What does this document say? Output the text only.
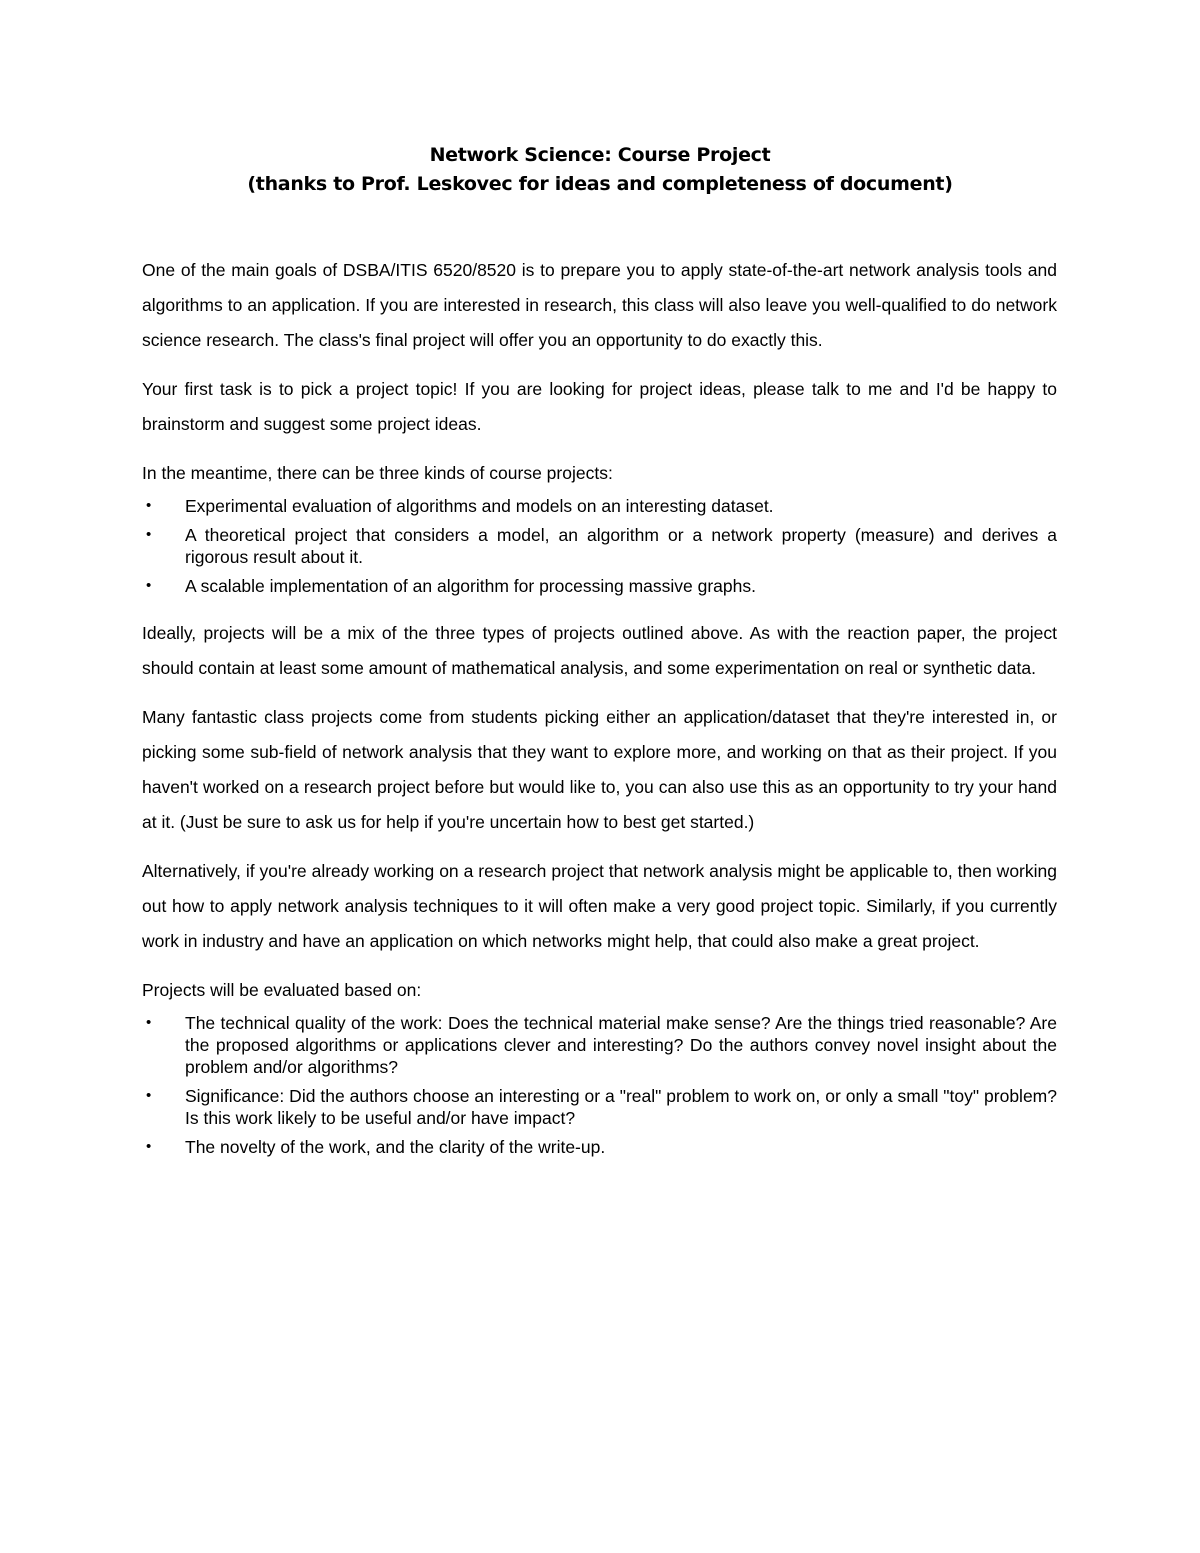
Network Science: Course Project
(thanks to Prof. Leskovec for ideas and completeness of document)

One of the main goals of DSBA/ITIS 6520/8520 is to prepare you to apply state-of-the-art network analysis tools and algorithms to an application. If you are interested in research, this class will also leave you well-qualified to do network science research. The class's final project will offer you an opportunity to do exactly this.

Your first task is to pick a project topic! If you are looking for project ideas, please talk to me and I'd be happy to brainstorm and suggest some project ideas.

In the meantime, there can be three kinds of course projects:

• Experimental evaluation of algorithms and models on an interesting dataset.
• A theoretical project that considers a model, an algorithm or a network property (measure) and derives a rigorous result about it.
• A scalable implementation of an algorithm for processing massive graphs.

Ideally, projects will be a mix of the three types of projects outlined above. As with the reaction paper, the project should contain at least some amount of mathematical analysis, and some experimentation on real or synthetic data.

Many fantastic class projects come from students picking either an application/dataset that they're interested in, or picking some sub-field of network analysis that they want to explore more, and working on that as their project. If you haven't worked on a research project before but would like to, you can also use this as an opportunity to try your hand at it. (Just be sure to ask us for help if you're uncertain how to best get started.)

Alternatively, if you're already working on a research project that network analysis might be applicable to, then working out how to apply network analysis techniques to it will often make a very good project topic. Similarly, if you currently work in industry and have an application on which networks might help, that could also make a great project.

Projects will be evaluated based on:

• The technical quality of the work: Does the technical material make sense? Are the things tried reasonable? Are the proposed algorithms or applications clever and interesting? Do the authors convey novel insight about the problem and/or algorithms?
• Significance: Did the authors choose an interesting or a "real" problem to work on, or only a small "toy" problem? Is this work likely to be useful and/or have impact?
• The novelty of the work, and the clarity of the write-up.
